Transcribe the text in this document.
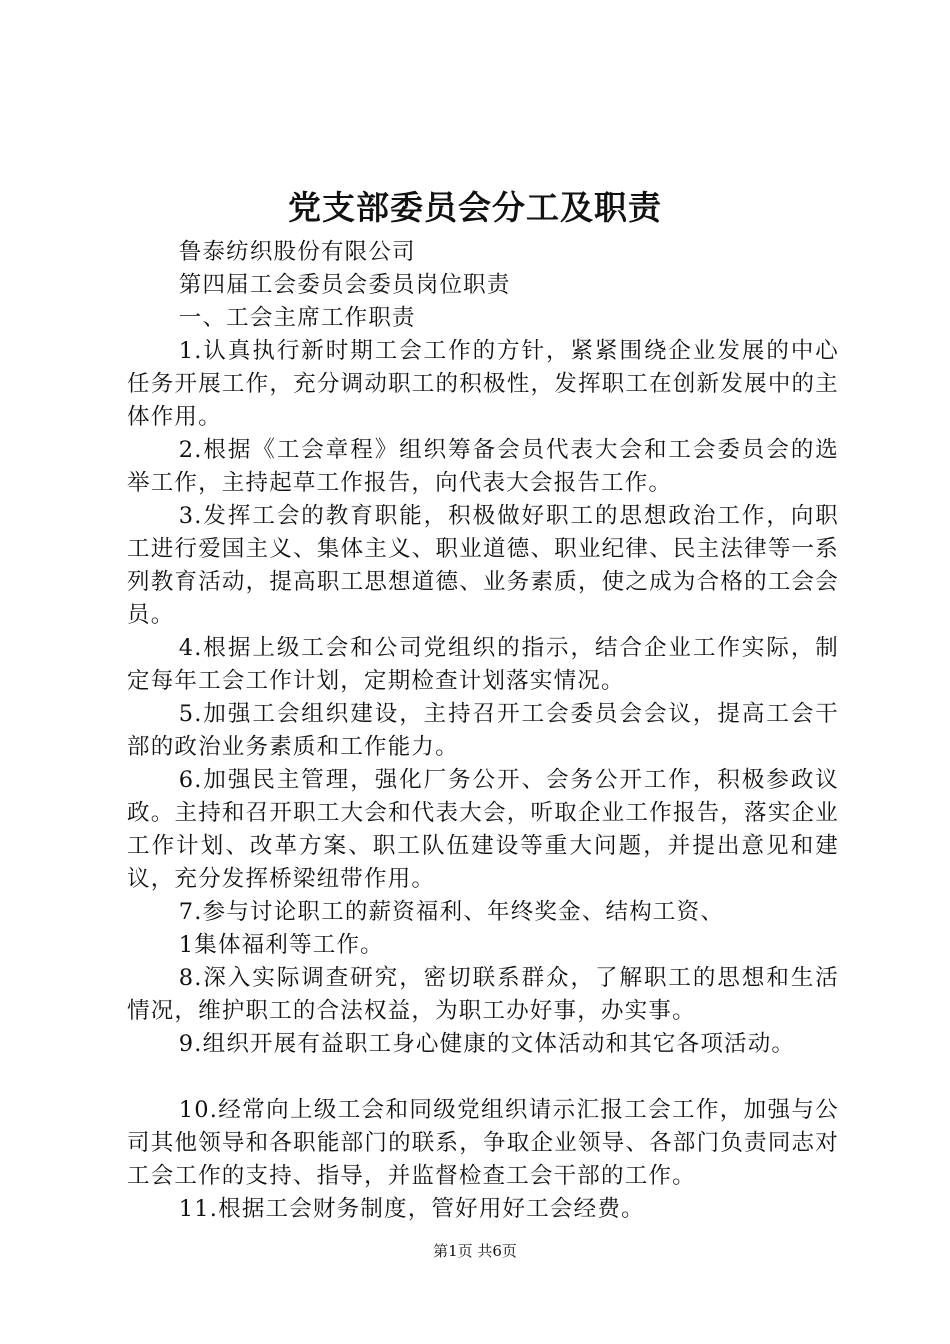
党支部委员会分工及职责

鲁泰纺织股份有限公司

第四届工会委员会委员岗位职责

一、工会主席工作职责

1.认真执行新时期工会工作的方针，紧紧围绕企业发展的中心任务开展工作，充分调动职工的积极性，发挥职工在创新发展中的主体作用。

2.根据《工会章程》组织筹备会员代表大会和工会委员会的选举工作，主持起草工作报告，向代表大会报告工作。

3.发挥工会的教育职能，积极做好职工的思想政治工作，向职工进行爱国主义、集体主义、职业道德、职业纪律、民主法律等一系列教育活动，提高职工思想道德、业务素质，使之成为合格的工会会员。

4.根据上级工会和公司党组织的指示，结合企业工作实际，制定每年工会工作计划，定期检查计划落实情况。

5.加强工会组织建设，主持召开工会委员会会议，提高工会干部的政治业务素质和工作能力。

6.加强民主管理，强化厂务公开、会务公开工作，积极参政议政。主持和召开职工大会和代表大会，听取企业工作报告，落实企业工作计划、改革方案、职工队伍建设等重大问题，并提出意见和建议，充分发挥桥梁纽带作用。

7.参与讨论职工的薪资福利、年终奖金、结构工资、

1集体福利等工作。

8.深入实际调查研究，密切联系群众，了解职工的思想和生活情况，维护职工的合法权益，为职工办好事，办实事。

9.组织开展有益职工身心健康的文体活动和其它各项活动。

10.经常向上级工会和同级党组织请示汇报工会工作，加强与公司其他领导和各职能部门的联系，争取企业领导、各部门负责同志对工会工作的支持、指导，并监督检查工会干部的工作。

11.根据工会财务制度，管好用好工会经费。

第1页 共6页
